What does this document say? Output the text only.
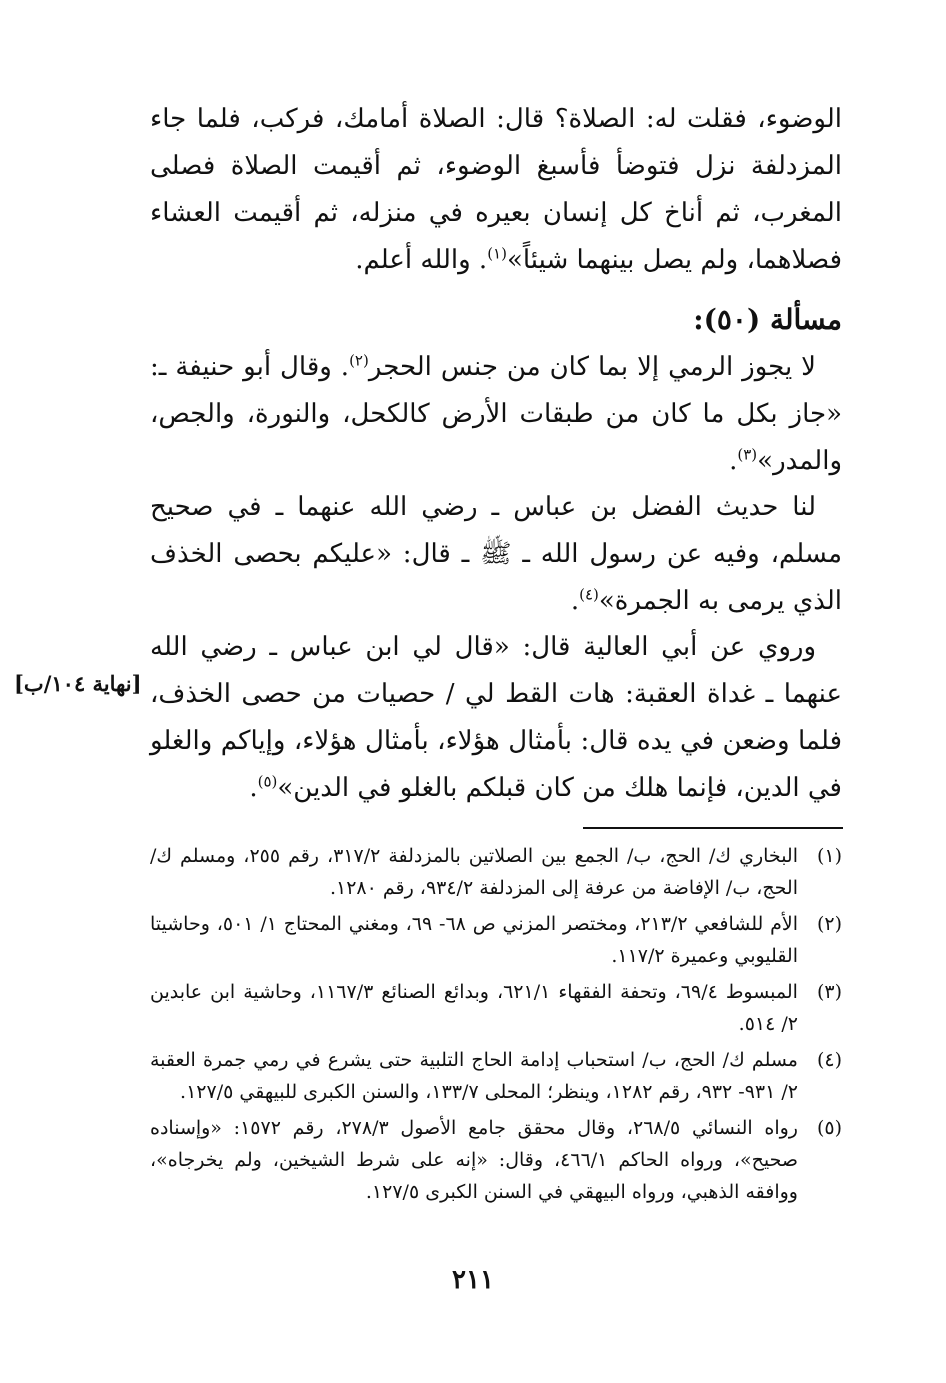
الوضوء، فقلت له: الصلاة؟ قال: الصلاة أمامك، فركب، فلما جاء المزدلفة نزل فتوضأ فأسبغ الوضوء، ثم أقيمت الصلاة فصلى المغرب، ثم أناخ كل إنسان بعيره في منزله، ثم أقيمت العشاء فصلاهما، ولم يصل بينهما شيئاً»$^{(١)}$. والله أعلم.

مسألة (٥٠):

لا يجوز الرمي إلا بما كان من جنس الحجر$^{(٢)}$. وقال أبو حنيفة ـ: «جاز بكل ما كان من طبقات الأرض كالكحل، والنورة، والجص، والمدر»$^{(٣)}$.

لنا حديث الفضل بن عباس ـ رضي الله عنهما ـ في صحيح مسلم، وفيه عن رسول الله ـ ﷺ ـ قال: «عليكم بحصى الخذف الذي يرمى به الجمرة»$^{(٤)}$.

وروي عن أبي العالية قال: «قال لي ابن عباس ـ رضي الله عنهما ـ غداة العقبة: هات القط لي / حصيات من حصى الخذف، فلما وضعن في يده قال: بأمثال هؤلاء، بأمثال هؤلاء، وإياكم والغلو في الدين، فإنما هلك من كان قبلكم بالغلو في الدين»$^{(٥)}$.

[نهاية ١٠٤/ب]
(١)
البخاري ك/ الحج، ب/ الجمع بين الصلاتين بالمزدلفة ٣١٧/٢، رقم ٢٥٥، ومسلم ك/ الحج، ب/ الإفاضة من عرفة إلى المزدلفة ٩٣٤/٢، رقم ١٢٨٠.
(٢)
الأم للشافعي ٢١٣/٢، ومختصر المزني ص ٦٨- ٦٩، ومغني المحتاج ١/ ٥٠١، وحاشيتا القليوبي وعميرة ١١٧/٢.
(٣)
المبسوط ٦٩/٤، وتحفة الفقهاء ٦٢١/١، وبدائع الصنائع ١١٦٧/٣، وحاشية ابن عابدين ٢/ ٥١٤.
(٤)
مسلم ك/ الحج، ب/ استحباب إدامة الحاج التلبية حتى يشرع في رمي جمرة العقبة ٢/ ٩٣١- ٩٣٢، رقم ١٢٨٢، وينظر؛ المحلى ١٣٣/٧، والسنن الكبرى للبيهقي ١٢٧/٥.
(٥)
رواه النسائي ٢٦٨/٥، وقال محقق جامع الأصول ٢٧٨/٣، رقم ١٥٧٢: «وإسناده صحيح»، ورواه الحاكم ٤٦٦/١، وقال: «إنه على شرط الشيخين، ولم يخرجاه»، ووافقه الذهبي، ورواه البيهقي في السنن الكبرى ١٢٧/٥.
٢١١
